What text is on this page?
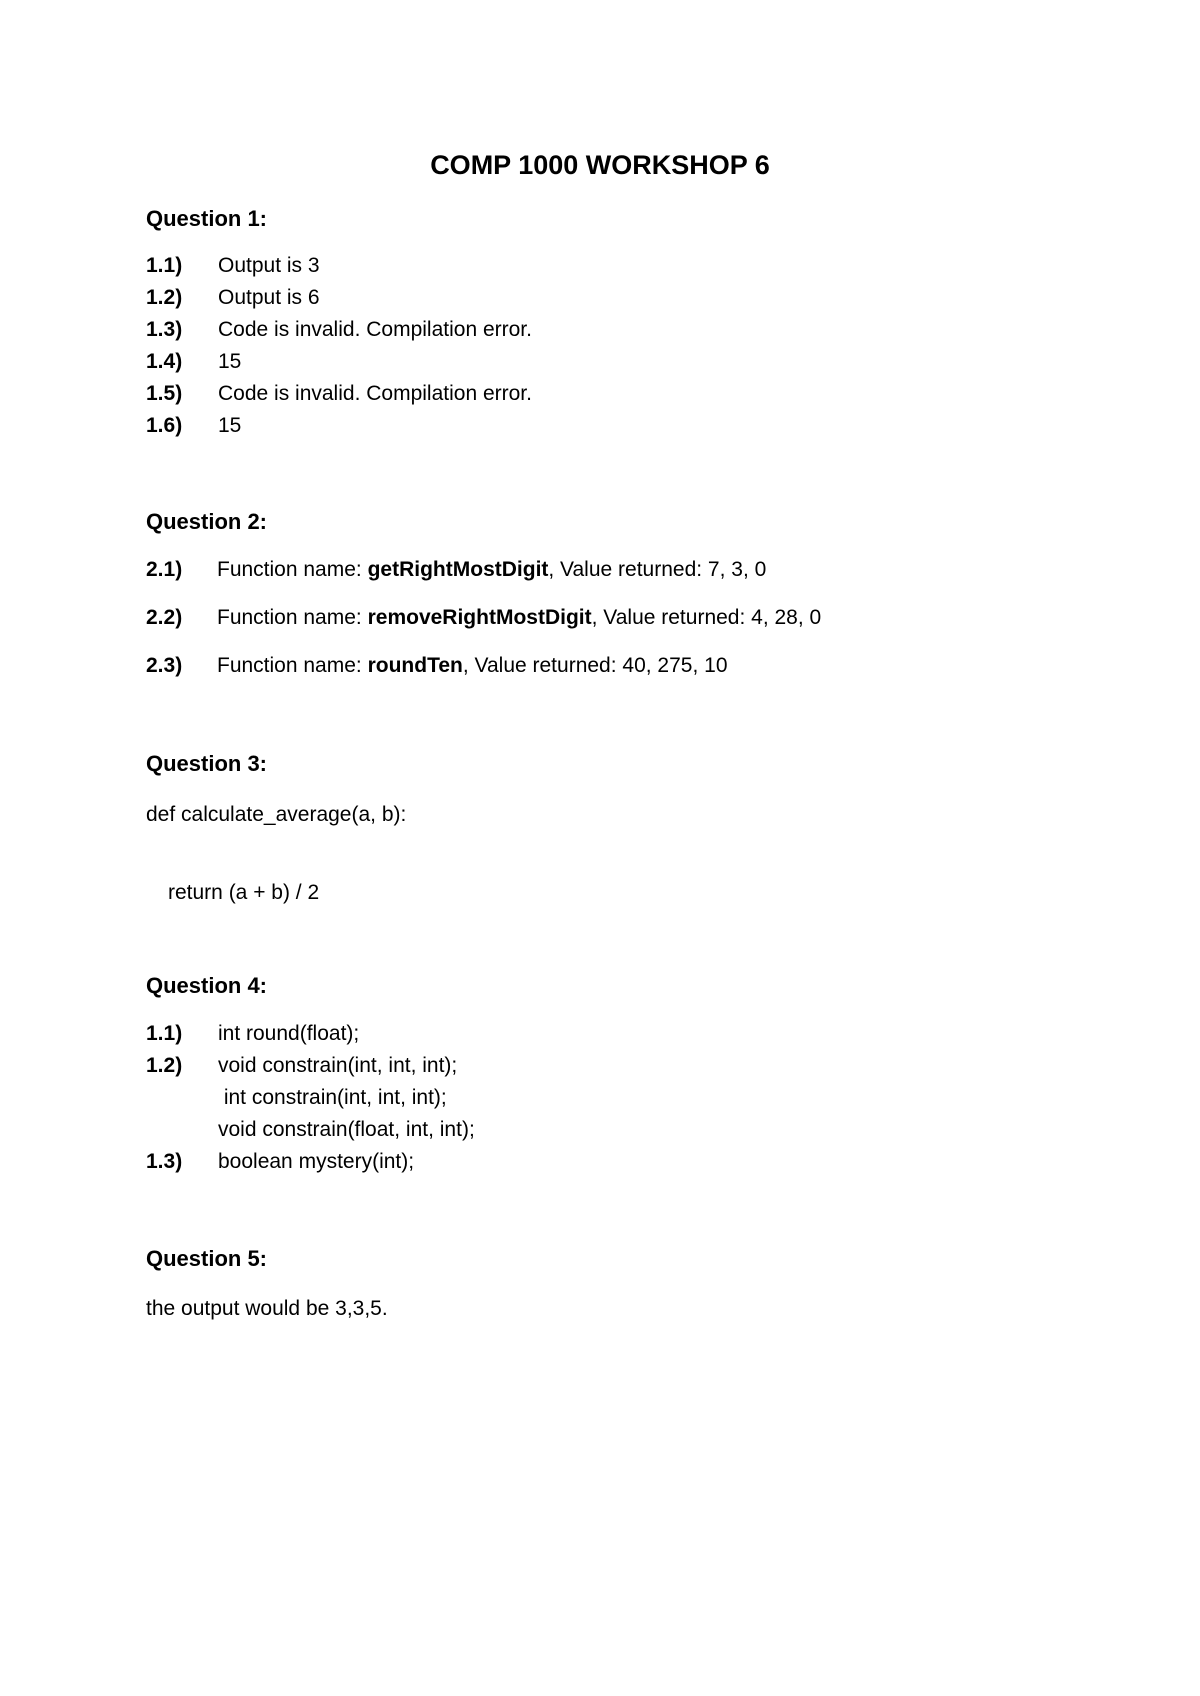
COMP 1000 WORKSHOP 6
Question 1:
1.1) Output is 3
1.2) Output is 6
1.3) Code is invalid. Compilation error.
1.4) 15
1.5) Code is invalid. Compilation error.
1.6) 15
Question 2:
2.1) Function name: getRightMostDigit, Value returned: 7, 3, 0
2.2) Function name: removeRightMostDigit, Value returned: 4, 28, 0
2.3) Function name: roundTen, Value returned: 40, 275, 10
Question 3:
def calculate_average(a, b):
return (a + b) / 2
Question 4:
1.1) int round(float);
1.2) void constrain(int, int, int);
int constrain(int, int, int);
void constrain(float, int, int);
1.3) boolean mystery(int);
Question 5:
the output would be 3,3,5.
